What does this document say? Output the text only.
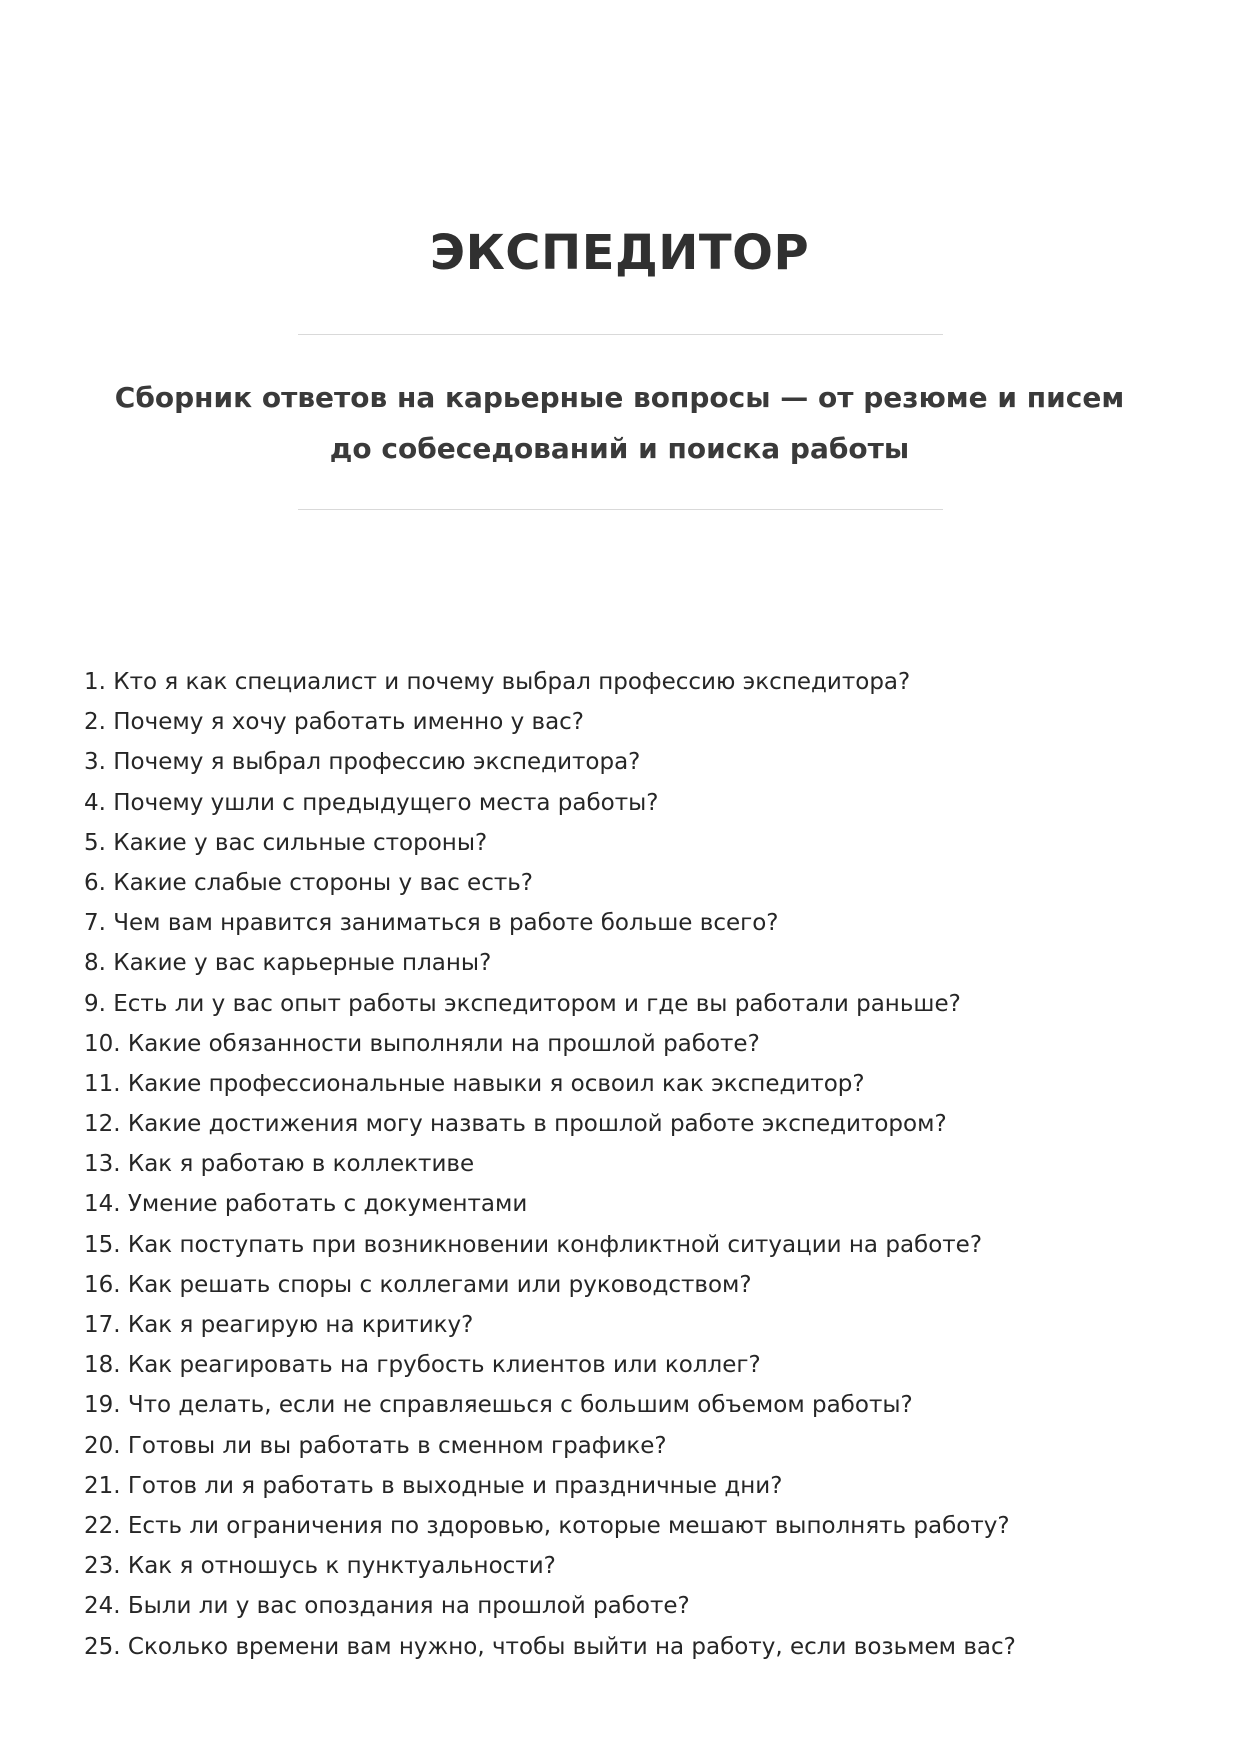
ЭКСПЕДИТОР
Сборник ответов на карьерные вопросы — от резюме и писем до собеседований и поиска работы
1. Кто я как специалист и почему выбрал профессию экспедитора?
2. Почему я хочу работать именно у вас?
3. Почему я выбрал профессию экспедитора?
4. Почему ушли с предыдущего места работы?
5. Какие у вас сильные стороны?
6. Какие слабые стороны у вас есть?
7. Чем вам нравится заниматься в работе больше всего?
8. Какие у вас карьерные планы?
9. Есть ли у вас опыт работы экспедитором и где вы работали раньше?
10. Какие обязанности выполняли на прошлой работе?
11. Какие профессиональные навыки я освоил как экспедитор?
12. Какие достижения могу назвать в прошлой работе экспедитором?
13. Как я работаю в коллективе
14. Умение работать с документами
15. Как поступать при возникновении конфликтной ситуации на работе?
16. Как решать споры с коллегами или руководством?
17. Как я реагирую на критику?
18. Как реагировать на грубость клиентов или коллег?
19. Что делать, если не справляешься с большим объемом работы?
20. Готовы ли вы работать в сменном графике?
21. Готов ли я работать в выходные и праздничные дни?
22. Есть ли ограничения по здоровью, которые мешают выполнять работу?
23. Как я отношусь к пунктуальности?
24. Были ли у вас опоздания на прошлой работе?
25. Сколько времени вам нужно, чтобы выйти на работу, если возьмем вас?
